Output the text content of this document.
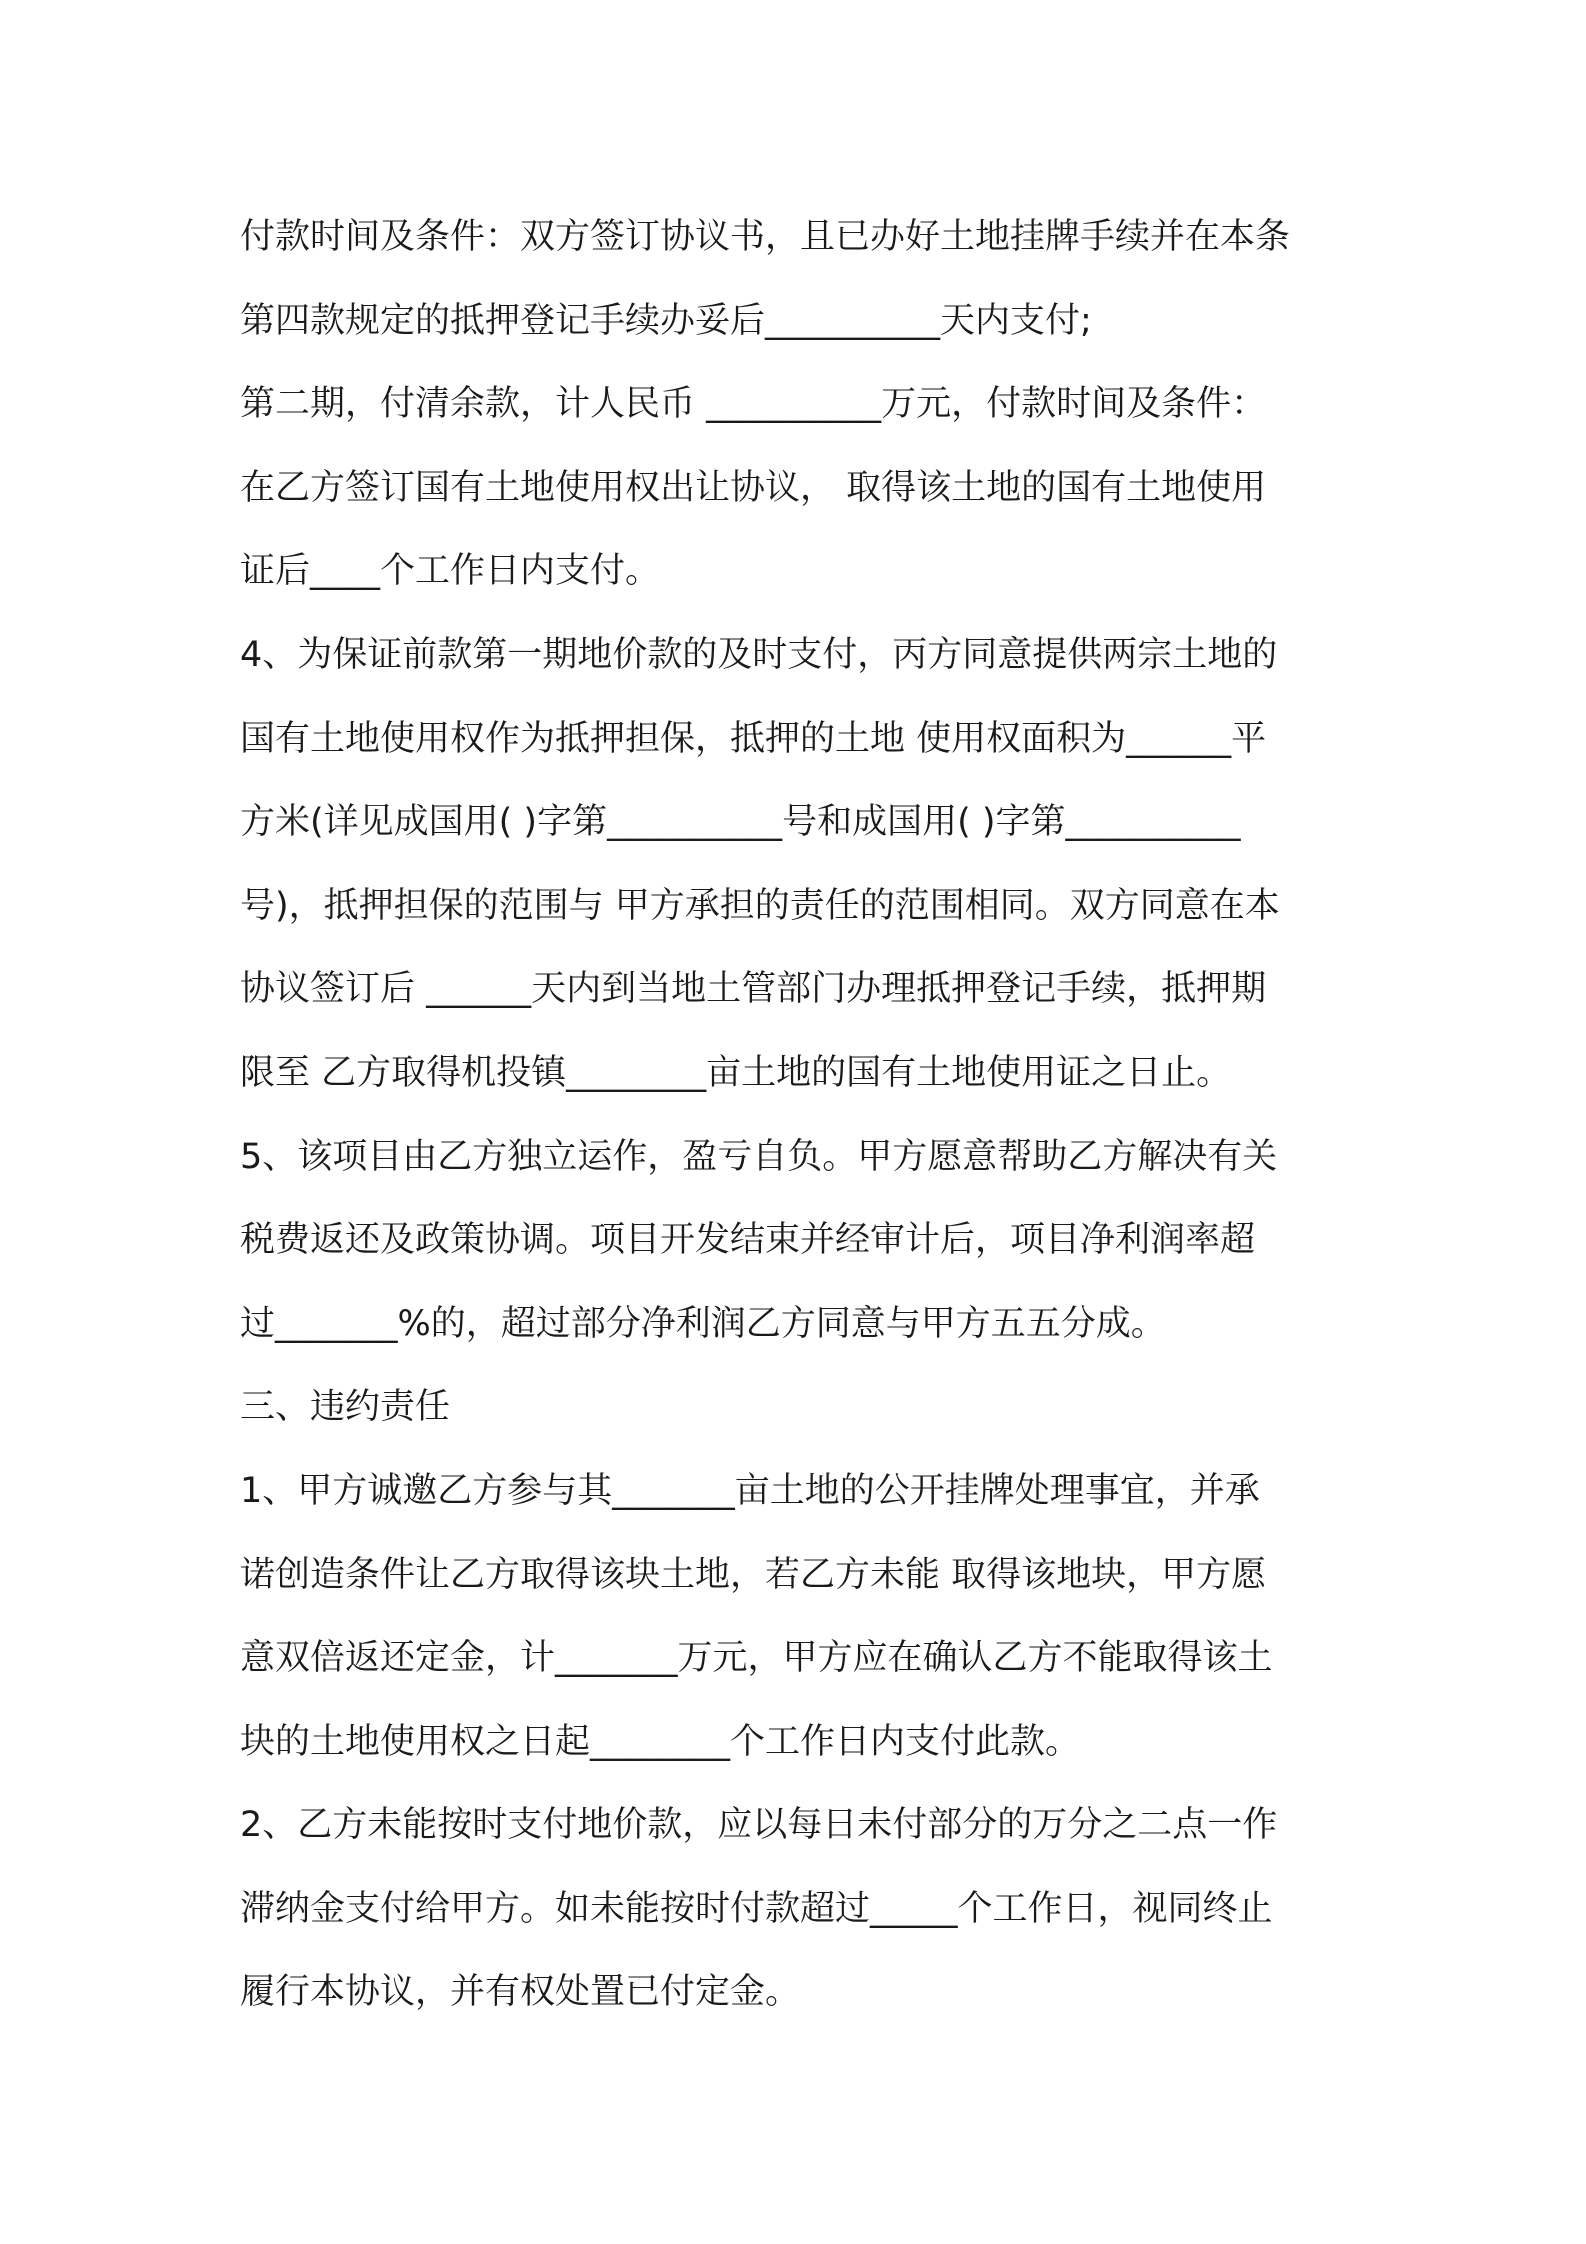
付款时间及条件：双方签订协议书，且已办好土地挂牌手续并在本条
第四款规定的抵押登记手续办妥后__________天内支付;
第二期，付清余款，计人民币 __________万元，付款时间及条件：
在乙方签订国有土地使用权出让协议， 取得该土地的国有土地使用
证后____个工作日内支付。
4、为保证前款第一期地价款的及时支付，丙方同意提供两宗土地的
国有土地使用权作为抵押担保，抵押的土地 使用权面积为______平
方米(详见成国用( )字第__________号和成国用( )字第__________
号)，抵押担保的范围与 甲方承担的责任的范围相同。双方同意在本
协议签订后 ______天内到当地土管部门办理抵押登记手续，抵押期
限至 乙方取得机投镇________亩土地的国有土地使用证之日止。
5、该项目由乙方独立运作，盈亏自负。甲方愿意帮助乙方解决有关
税费返还及政策协调。项目开发结束并经审计后，项目净利润率超
过_______%的，超过部分净利润乙方同意与甲方五五分成。
三、违约责任
1、甲方诚邀乙方参与其_______亩土地的公开挂牌处理事宜，并承
诺创造条件让乙方取得该块土地，若乙方未能 取得该地块，甲方愿
意双倍返还定金，计_______万元，甲方应在确认乙方不能取得该土
块的土地使用权之日起________个工作日内支付此款。
2、乙方未能按时支付地价款，应以每日未付部分的万分之二点一作
滞纳金支付给甲方。如未能按时付款超过_____个工作日，视同终止
履行本协议，并有权处置已付定金。
